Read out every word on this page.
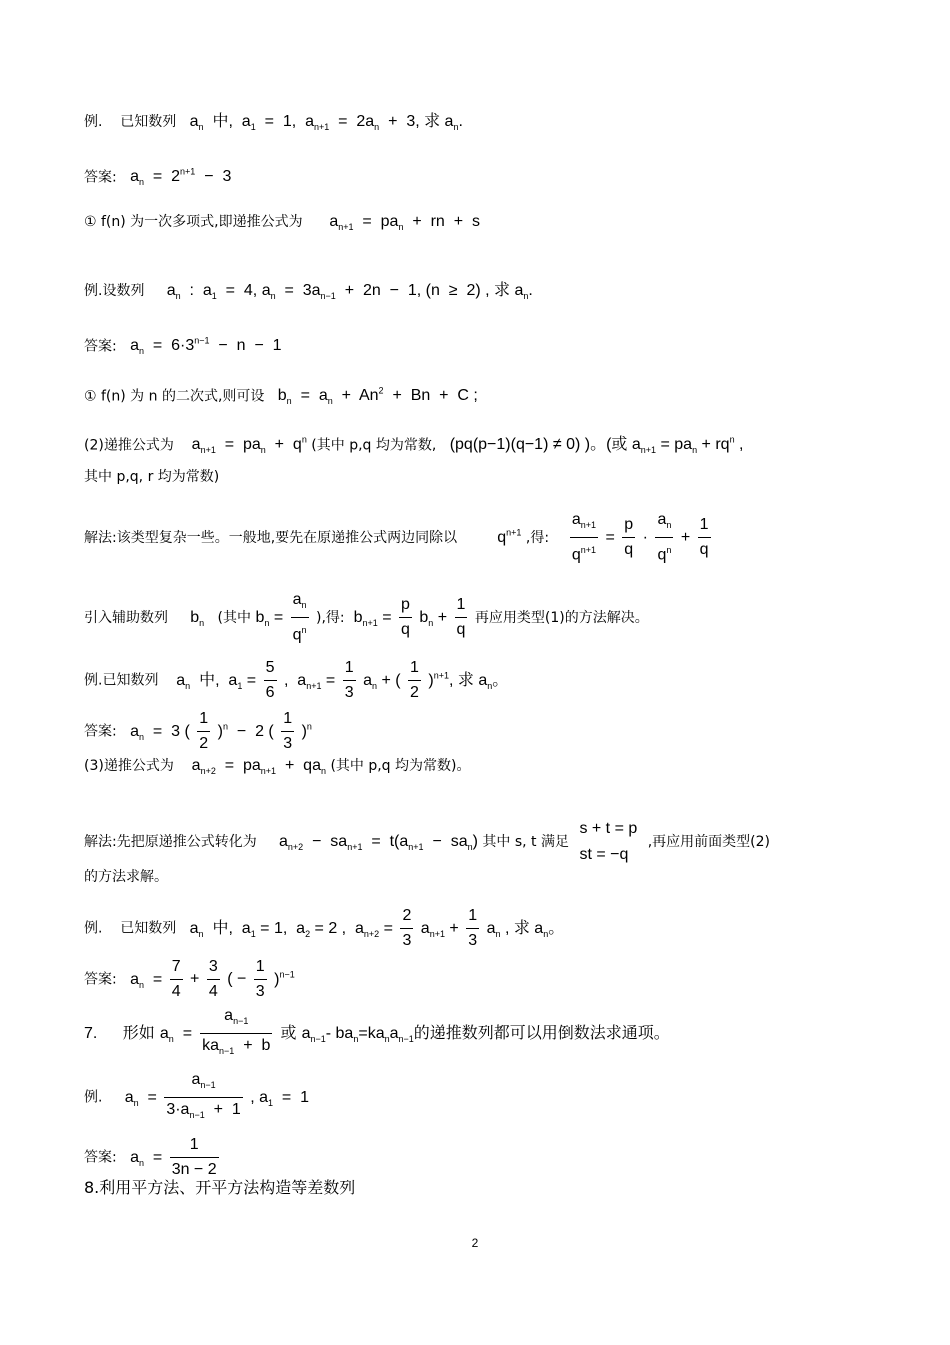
例. 已知数列 $a_n$  中,  $a_1 = 1$,  $a_{n+1} = 2a_n + 3$, 求 $a_n$.
答案: $a_n = 2^{n+1} - 3$
① f(n) 为一次多项式,即递推公式为 $a_{n+1} = pa_n$  +  rn  +  s
例.设数列 $a_n$  :  $a_1 = 4$, $a_n = 3a_{n-1} + 2n - 1$, (n  ≥  2) , 求 $a_n$.
答案: $a_n = 6\cdot 3^{n-1} - n - 1$
① f(n) 为 n 的二次式,则可设 $b_n = a_n + An^2 + Bn + C$ ;
(2)递推公式为 $a_{n+1} = pa_n + q^n$ (其中 p,q 均为常数, (pq(p−1)(q−1) ≠ 0) )。(或 $a_{n+1} = pa_n + rq^n$ ,
其中 p,q, r 均为常数)
解法:该类型复杂一些。一般地,要先在原递推公式两边同除以	$q^{n+1}$ ,得: $\frac{a_{n+1}}{q^{n+1}} = \frac{p}{q} \cdot \frac{a_n}{q^n} + \frac{1}{q}$
引入辅助数列 $b_n$ (其中 $b_n = \frac{a_n}{q^n}$ ),得: $b_{n+1} = \frac{p}{q} b_n + \frac{1}{q}$ 再应用类型(1)的方法解决。
例.已知数列 $a_n$  中,  $a_1 = \frac{5}{6}$ ,  $a_{n+1} = \frac{1}{3} a_n$ + ( $\frac{1}{2} )^{n+1}$, 求 $a_n$。
答案: $a_n = 3$ ( $\frac{1}{2} )^n - 2$ ( $\frac{1}{3} )^n$
(3)递推公式为 $a_{n+2} = pa_{n+1} + qa_n$ (其中 p,q 均为常数)。
解法:先把原递推公式转化为 $a_{n+2} - sa_{n+1} = t(a_{n+1} - sa_n)$ 其中 s, t 满足
s + t = p
st = −q
,再应用前面类型(2)
的方法求解。
例. 已知数列 $a_n$  中,  $a_1 = 1$,  $a_2 = 2$ ,  $a_{n+2} = \frac{2}{3} a_{n+1} + \frac{1}{3} a_n$ , 求 $a_n$。
答案: $a_n = \frac{7}{4} + \frac{3}{4}$ ( − $\frac{1}{3} )^{n-1}$
7. 形如 $a_n = \frac{a_{n-1}}{ka_{n-1} + b}$ 或 $a_{n-1}-$ $ba_n=ka_na_{n-1}$的递推数列都可以用倒数法求通项。
例. $a_n = \frac{a_{n-1}}{3\cdot a_{n-1} + 1}$ , $a_1 = 1$
答案: $a_n = \frac{1}{3n - 2}$
8.利用平方法、开平方法构造等差数列
2
